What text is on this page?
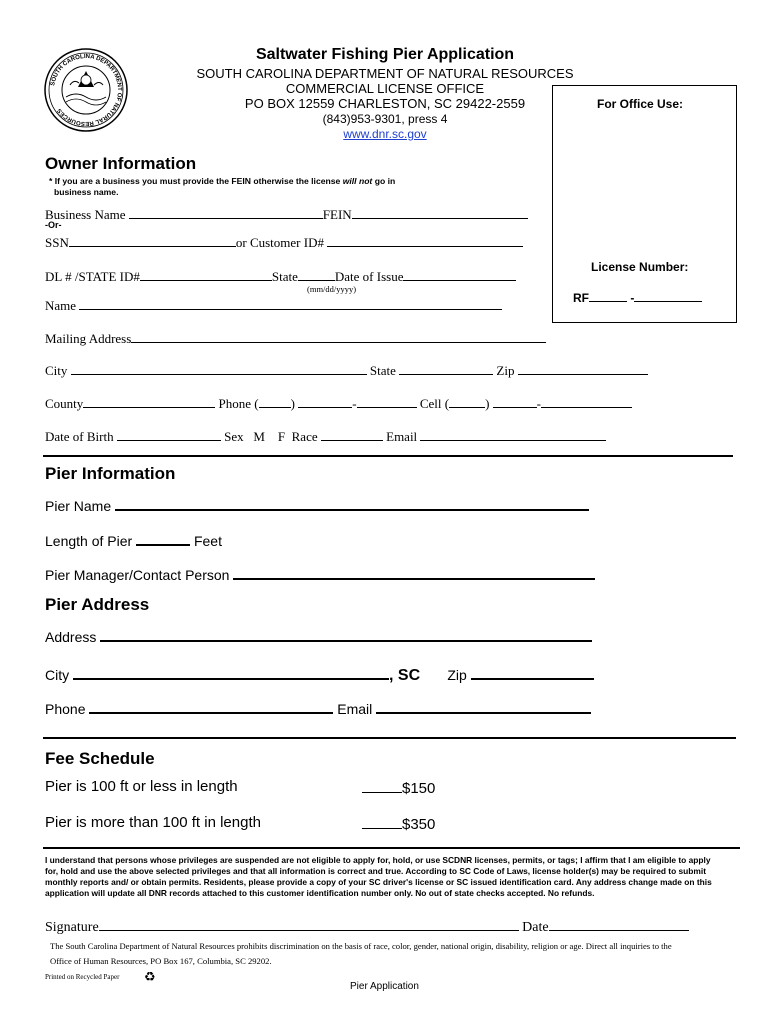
SOUTH CAROLINA DEPARTMENT OF NATURAL RESOURCES
Saltwater Fishing Pier Application
SOUTH CAROLINA DEPARTMENT OF NATURAL RESOURCES
COMMERCIAL LICENSE OFFICE
PO BOX 12559 CHARLESTON, SC 29422-2559
(843)953-9301, press 4
www.dnr.sc.gov
For Office Use:
License Number:
RF	-
Owner Information
* If you are a business you must provide the FEIN otherwise the license will not go in
business name.
Business Name	FEIN
-Or-
SSN	or Customer ID#
DL # /STATE ID#	State	Date of Issue
(mm/dd/yyyy)
Name
Mailing Address
City	State	Zip
County	Phone ( )	-	Cell (	)	-
Date of Birth	Sex M F Race	Email
Pier Information
Pier Name
Length of Pier	Feet
Pier Manager/Contact Person
Pier Address
Address
City	, SC Zip
Phone	Email
Fee Schedule
Pier is 100 ft or less in length	$150
Pier is more than 100 ft in length	$350
I understand that persons whose privileges are suspended are not eligible to apply for, hold, or use SCDNR licenses, permits, or tags; I affirm that I am eligible to apply
for, hold and use the above selected privileges and that all information is correct and true. According to SC Code of Laws, license holder(s) may be required to submit
monthly reports and/ or obtain permits. Residents, please provide a copy of your SC driver's license or SC issued identification card. Any address change made on this
application will update all DNR records attached to this customer identification number only. No out of state checks accepted. No refunds.
Signature	Date
The South Carolina Department of Natural Resources prohibits discrimination on the basis of race, color, gender, national origin, disability, religion or age. Direct all inquiries to the
Office of Human Resources, PO Box 167, Columbia, SC 29202.
Printed on Recycled Paper ♻
Pier Application
